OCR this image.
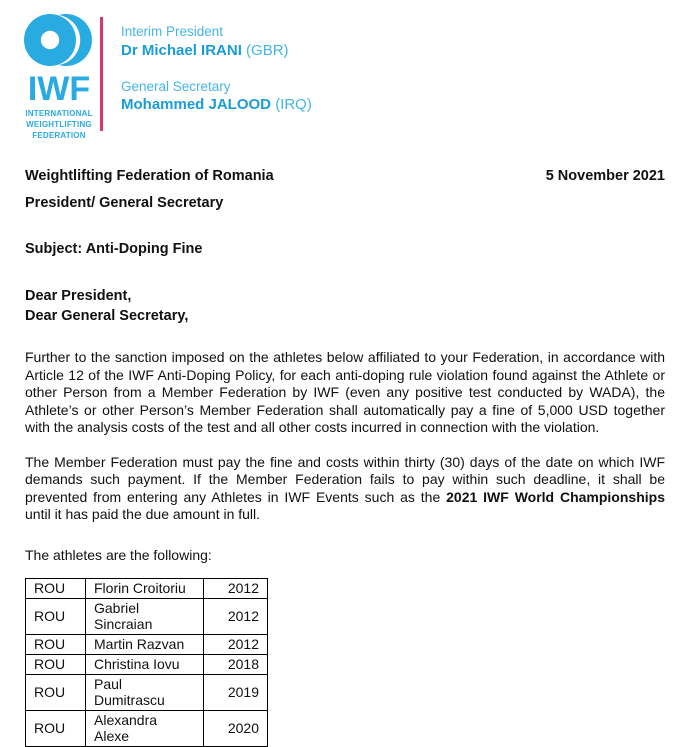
IWF
INTERNATIONAL
WEIGHTLIFTING
FEDERATION
Interim President
Dr Michael IRANI (GBR)
General Secretary
Mohammed JALOOD (IRQ)
Weightlifting Federation of Romania	5 November 2021
President/ General Secretary
Subject: Anti-Doping Fine
Dear President,
Dear General Secretary,

Further to the sanction imposed on the athletes below affiliated to your Federation, in accordance with Article 12 of the IWF Anti-Doping Policy, for each anti-doping rule violation found against the Athlete or other Person from a Member Federation by IWF (even any positive test conducted by WADA), the Athlete’s or other Person’s Member Federation shall automatically pay a fine of 5,000 USD together with the analysis costs of the test and all other costs incurred in connection with the violation.

The Member Federation must pay the fine and costs within thirty (30) days of the date on which IWF demands such payment. If the Member Federation fails to pay within such deadline, it shall be prevented from entering any Athletes in IWF Events such as the 2021 IWF World Championships until it has paid the due amount in full.

The athletes are the following:
ROU	Florin Croitoriu	2012
ROU	Gabriel Sincraian	2012
ROU	Martin Razvan	2012
ROU	Christina Iovu	2018
ROU	Paul Dumitrascu	2019
ROU	Alexandra Alexe	2020
